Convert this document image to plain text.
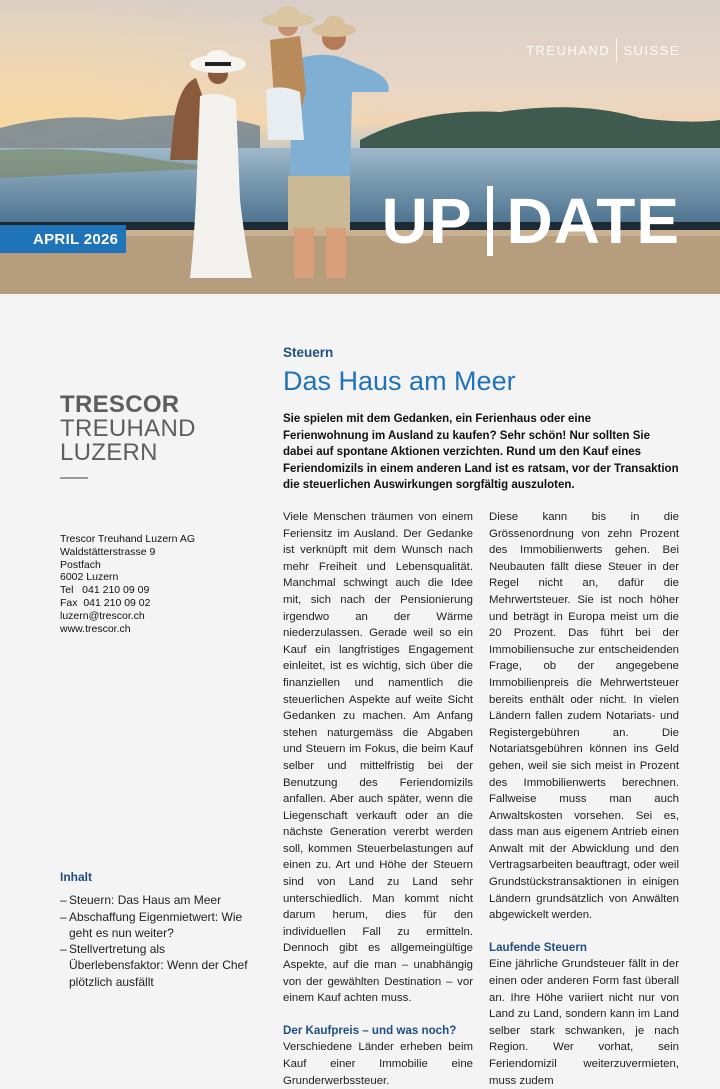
TREUHAND SUISSE
UP DATE
APRIL 2026
TRESCOR
TREUHAND
LUZERN
Trescor Treuhand Luzern AG
Waldstätterstrasse 9
Postfach
6002 Luzern
Tel   041 210 09 09
Fax  041 210 09 02
luzern@trescor.ch
www.trescor.ch
Inhalt
– Steuern: Das Haus am Meer
– Abschaffung Eigenmietwert: Wie geht es nun weiter?
– Stellvertretung als Überlebensfaktor: Wenn der Chef plötzlich ausfällt
Steuern
Das Haus am Meer

Sie spielen mit dem Gedanken, ein Ferienhaus oder eine Ferienwohnung im Ausland zu kaufen? Sehr schön! Nur sollten Sie dabei auf spontane Aktionen verzichten. Rund um den Kauf eines Feriendomizils in einem anderen Land ist es ratsam, vor der Transaktion die steuerlichen Auswirkungen sorgfältig auszuloten.

Viele Menschen träumen von einem Feriensitz im Ausland. Der Gedanke ist verknüpft mit dem Wunsch nach mehr Freiheit und Lebensqualität. Manchmal schwingt auch die Idee mit, sich nach der Pensionierung irgendwo an der Wärme niederzulassen. Gerade weil so ein Kauf ein langfristiges Engagement einleitet, ist es wichtig, sich über die finanziellen und namentlich die steuerlichen Aspekte auf weite Sicht Gedanken zu machen. Am Anfang stehen naturgemäss die Abgaben und Steuern im Fokus, die beim Kauf selber und mittelfristig bei der Benutzung des Feriendomizils anfallen. Aber auch später, wenn die Liegenschaft verkauft oder an die nächste Generation vererbt werden soll, kommen Steuerbelastungen auf einen zu. Art und Höhe der Steuern sind von Land zu Land sehr unterschiedlich. Man kommt nicht darum herum, dies für den individuellen Fall zu ermitteln. Dennoch gibt es allgemeingültige Aspekte, auf die man – unabhängig von der gewählten Destination – vor einem Kauf achten muss.

Der Kaufpreis – und was noch?

Verschiedene Länder erheben beim Kauf einer Immobilie eine Grunderwerbssteuer.

Diese kann bis in die Grössenordnung von zehn Prozent des Immobilienwerts gehen. Bei Neubauten fällt diese Steuer in der Regel nicht an, dafür die Mehrwertsteuer. Sie ist noch höher und beträgt in Europa meist um die 20 Prozent. Das führt bei der Immobiliensuche zur entscheidenden Frage, ob der angegebene Immobilienpreis die Mehrwertsteuer bereits enthält oder nicht. In vielen Ländern fallen zudem Notariats- und Registergebühren an. Die Notariatsgebühren können ins Geld gehen, weil sie sich meist in Prozent des Immobilienwerts berechnen. Fallweise muss man auch Anwaltskosten vorsehen. Sei es, dass man aus eigenem Antrieb einen Anwalt mit der Abwicklung und den Vertragsarbeiten beauftragt, oder weil Grundstückstransaktionen in einigen Ländern grundsätzlich von Anwälten abgewickelt werden.

Laufende Steuern

Eine jährliche Grundsteuer fällt in der einen oder anderen Form fast überall an. Ihre Höhe variiert nicht nur von Land zu Land, sondern kann im Land selber stark schwanken, je nach Region. Wer vorhat, sein Feriendomizil weiterzuvermieten, muss zudem
